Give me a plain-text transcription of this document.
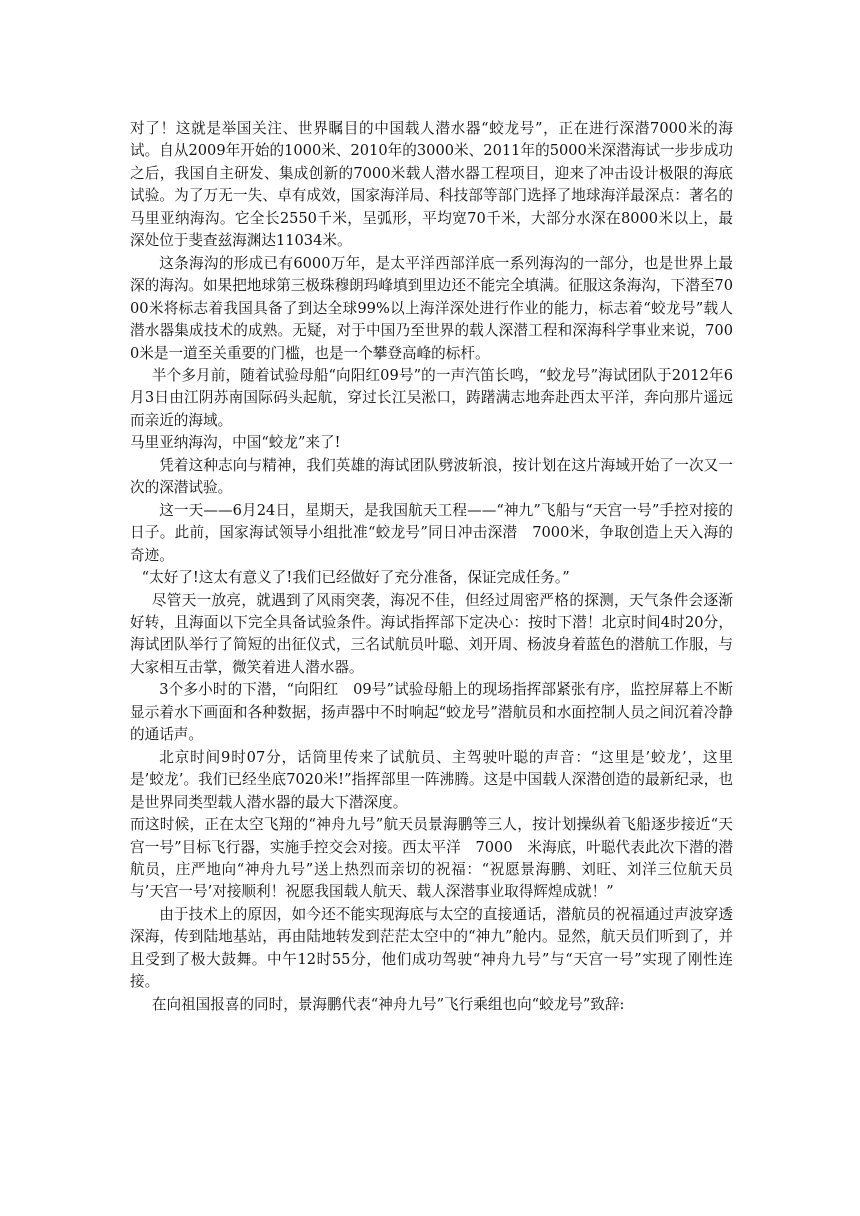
对了！这就是举国关注、世界瞩目的中国载人潜水器“蛟龙号”，正在进行深潜7000米的海试。自从2009年开始的1000米、2010年的3000米、2011年的5000米深潜海试一步步成功之后，我国自主研发、集成创新的7000米载人潜水器工程项目，迎来了冲击设计极限的海底试验。为了万无一失、卓有成效，国家海洋局、科技部等部门选择了地球海洋最深点：著名的马里亚纳海沟。它全长2550千米，呈弧形，平均宽70千米，大部分水深在8000米以上，最深处位于斐查兹海渊达11034米。

这条海沟的形成已有6000万年，是太平洋西部洋底一系列海沟的一部分，也是世界上最深的海沟。如果把地球第三极珠穆朗玛峰填到里边还不能完全填满。征服这条海沟，下潜至7000米将标志着我国具备了到达全球99%以上海洋深处进行作业的能力，标志着“蛟龙号”载人潜水器集成技术的成熟。无疑，对于中国乃至世界的载人深潜工程和深海科学事业来说，7000米是一道至关重要的门槛，也是一个攀登高峰的标杆。

半个多月前，随着试验母船“向阳红09号”的一声汽笛长鸣，“蛟龙号”海试团队于2012年6月3日由江阴苏南国际码头起航，穿过长江吴淞口，踌躇满志地奔赴西太平洋，奔向那片遥远而亲近的海域。

马里亚纳海沟，中国“蛟龙”来了!

凭着这种志向与精神，我们英雄的海试团队劈波斩浪，按计划在这片海域开始了一次又一次的深潜试验。

这一天——6月24日，星期天，是我国航天工程——“神九”飞船与“天宫一号”手控对接的日子。此前，国家海试领导小组批准“蛟龙号”同日冲击深潜　7000米，争取创造上天入海的奇迹。

“太好了!这太有意义了!我们已经做好了充分准备，保证完成任务。”

尽管天一放亮，就遇到了风雨突袭，海况不佳，但经过周密严格的探测，天气条件会逐渐好转，且海面以下完全具备试验条件。海试指挥部下定决心：按时下潜！北京时间4时20分，海试团队举行了简短的出征仪式，三名试航员叶聪、刘开周、杨波身着蓝色的潜航工作服，与大家相互击掌，微笑着进人潜水器。

3个多小时的下潜，“向阳红　09号”试验母船上的现场指挥部紧张有序，监控屏幕上不断显示着水下画面和各种数据，扬声器中不时响起“蛟龙号”潜航员和水面控制人员之间沉着冷静的通话声。

北京时间9时07分，话筒里传来了试航员、主驾驶叶聪的声音：“这里是’蛟龙’，这里是’蛟龙’。我们已经坐底7020米!”指挥部里一阵沸腾。这是中国载人深潜创造的最新纪录，也是世界同类型载人潜水器的最大下潜深度。

而这时候，正在太空飞翔的“神舟九号”航天员景海鹏等三人，按计划操纵着飞船逐步接近“天宫一号”目标飞行器，实施手控交会对接。西太平洋　7000　米海底，叶聪代表此次下潜的潜航员，庄严地向“神舟九号”送上热烈而亲切的祝福：“祝愿景海鹏、刘旺、刘洋三位航天员与’天宫一号’对接顺利！祝愿我国载人航天、载人深潜事业取得辉煌成就！”

由于技术上的原因，如今还不能实现海底与太空的直接通话，潜航员的祝福通过声波穿透深海，传到陆地基站，再由陆地转发到茫茫太空中的“神九”舱内。显然，航天员们听到了，并且受到了极大鼓舞。中午12时55分，他们成功驾驶“神舟九号”与“天宫一号”实现了刚性连接。

在向祖国报喜的同时，景海鹏代表“神舟九号”飞行乘组也向“蛟龙号”致辞:
